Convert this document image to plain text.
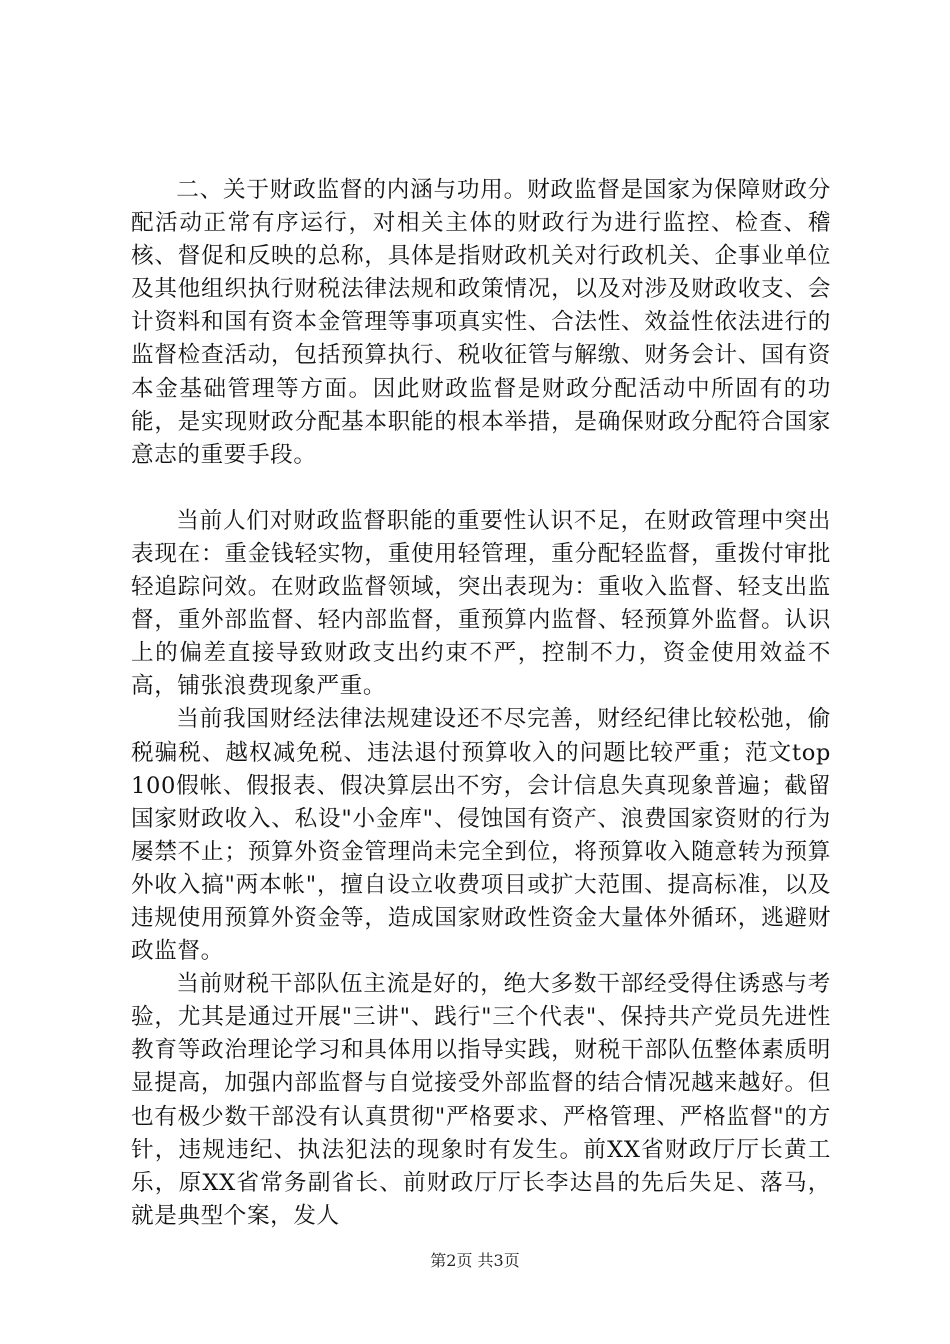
二、关于财政监督的内涵与功用。财政监督是国家为保障财政分配活动正常有序运行，对相关主体的财政行为进行监控、检查、稽核、督促和反映的总称，具体是指财政机关对行政机关、企事业单位及其他组织执行财税法律法规和政策情况，以及对涉及财政收支、会计资料和国有资本金管理等事项真实性、合法性、效益性依法进行的监督检查活动，包括预算执行、税收征管与解缴、财务会计、国有资本金基础管理等方面。因此财政监督是财政分配活动中所固有的功能，是实现财政分配基本职能的根本举措，是确保财政分配符合国家意志的重要手段。

当前人们对财政监督职能的重要性认识不足，在财政管理中突出表现在：重金钱轻实物，重使用轻管理，重分配轻监督，重拨付审批轻追踪问效。在财政监督领域，突出表现为：重收入监督、轻支出监督，重外部监督、轻内部监督，重预算内监督、轻预算外监督。认识上的偏差直接导致财政支出约束不严，控制不力，资金使用效益不高，铺张浪费现象严重。

当前我国财经法律法规建设还不尽完善，财经纪律比较松弛，偷税骗税、越权减免税、违法退付预算收入的问题比较严重；范文top100假帐、假报表、假决算层出不穷，会计信息失真现象普遍；截留国家财政收入、私设"小金库"、侵蚀国有资产、浪费国家资财的行为屡禁不止；预算外资金管理尚未完全到位，将预算收入随意转为预算外收入搞"两本帐"，擅自设立收费项目或扩大范围、提高标准，以及违规使用预算外资金等，造成国家财政性资金大量体外循环，逃避财政监督。

当前财税干部队伍主流是好的，绝大多数干部经受得住诱惑与考验，尤其是通过开展"三讲"、践行"三个代表"、保持共产党员先进性教育等政治理论学习和具体用以指导实践，财税干部队伍整体素质明显提高，加强内部监督与自觉接受外部监督的结合情况越来越好。但也有极少数干部没有认真贯彻"严格要求、严格管理、严格监督"的方针，违规违纪、执法犯法的现象时有发生。前XX省财政厅厅长黄工乐，原XX省常务副省长、前财政厅厅长李达昌的先后失足、落马，就是典型个案，发人

第2页 共3页
